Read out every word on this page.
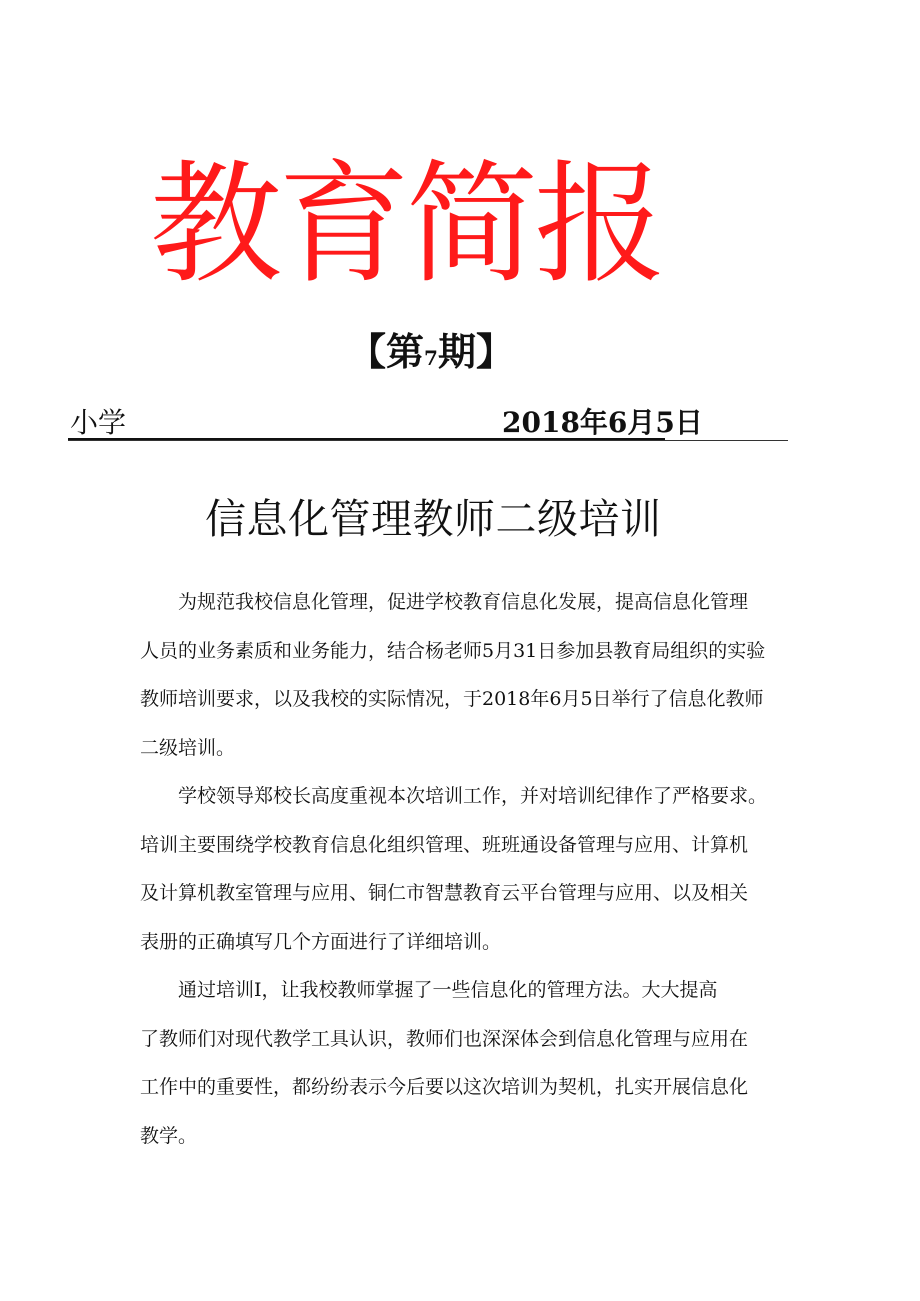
教育简报
【第7期】
小学	2018年6月5日
信息化管理教师二级培训
　　为规范我校信息化管理，促进学校教育信息化发展，提高信息化管理
人员的业务素质和业务能力，结合杨老师5月31日参加县教育局组织的实验
教师培训要求，以及我校的实际情况，于2018年6月5日举行了信息化教师
二级培训。
　　学校领导郑校长高度重视本次培训工作，并对培训纪律作了严格要求。
培训主要围绕学校教育信息化组织管理、班班通设备管理与应用、计算机
及计算机教室管理与应用、铜仁市智慧教育云平台管理与应用、以及相关
表册的正确填写几个方面进行了详细培训。
　　通过培训I，让我校教师掌握了一些信息化的管理方法。大大提高
了教师们对现代教学工具认识，教师们也深深体会到信息化管理与应用在
工作中的重要性，都纷纷表示今后要以这次培训为契机，扎实开展信息化
教学。
